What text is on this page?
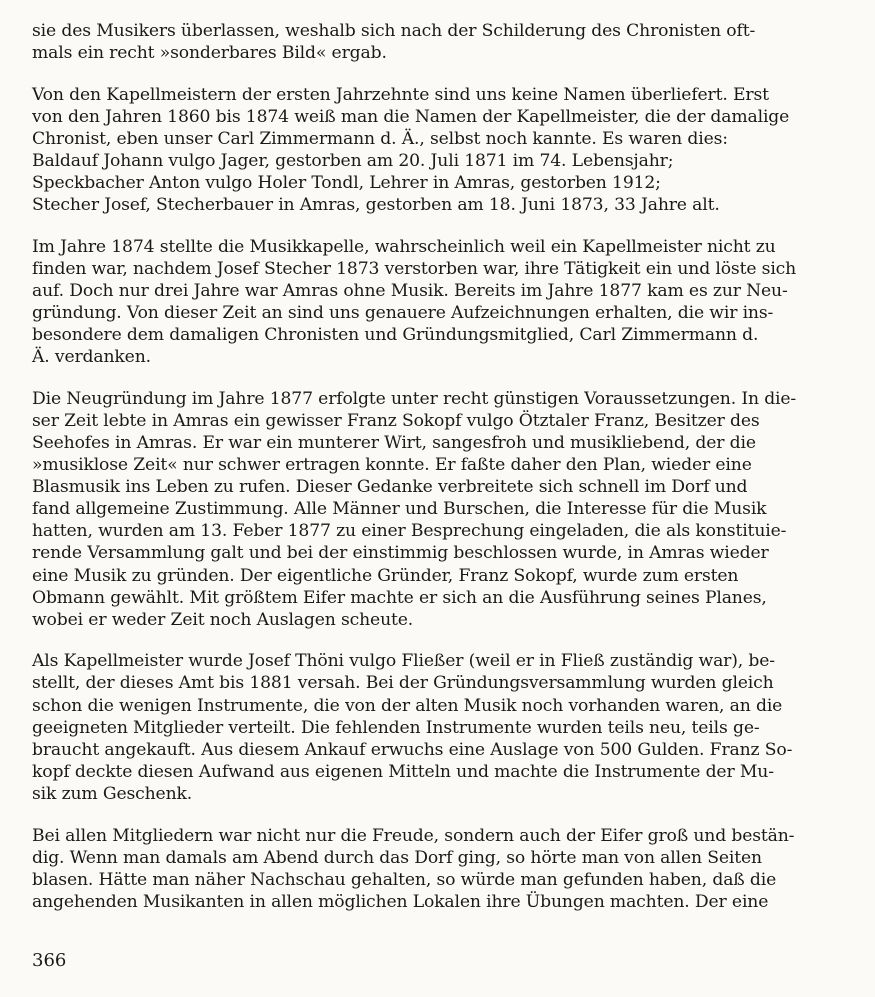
sie des Musikers überlassen, weshalb sich nach der Schilderung des Chronisten oft-
mals ein recht »sonderbares Bild« ergab.

Von den Kapellmeistern der ersten Jahrzehnte sind uns keine Namen überliefert. Erst
von den Jahren 1860 bis 1874 weiß man die Namen der Kapellmeister, die der damalige
Chronist, eben unser Carl Zimmermann d. Ä., selbst noch kannte. Es waren dies:
Baldauf Johann vulgo Jager, gestorben am 20. Juli 1871 im 74. Lebensjahr;
Speckbacher Anton vulgo Holer Tondl, Lehrer in Amras, gestorben 1912;
Stecher Josef, Stecherbauer in Amras, gestorben am 18. Juni 1873, 33 Jahre alt.

Im Jahre 1874 stellte die Musikkapelle, wahrscheinlich weil ein Kapellmeister nicht zu
finden war, nachdem Josef Stecher 1873 verstorben war, ihre Tätigkeit ein und löste sich
auf. Doch nur drei Jahre war Amras ohne Musik. Bereits im Jahre 1877 kam es zur Neu-
gründung. Von dieser Zeit an sind uns genauere Aufzeichnungen erhalten, die wir ins-
besondere dem damaligen Chronisten und Gründungsmitglied, Carl Zimmermann d.
Ä. verdanken.

Die Neugründung im Jahre 1877 erfolgte unter recht günstigen Voraussetzungen. In die-
ser Zeit lebte in Amras ein gewisser Franz Sokopf vulgo Ötztaler Franz, Besitzer des
Seehofes in Amras. Er war ein munterer Wirt, sangesfroh und musikliebend, der die
»musiklose Zeit« nur schwer ertragen konnte. Er faßte daher den Plan, wieder eine
Blasmusik ins Leben zu rufen. Dieser Gedanke verbreitete sich schnell im Dorf und
fand allgemeine Zustimmung. Alle Männer und Burschen, die Interesse für die Musik
hatten, wurden am 13. Feber 1877 zu einer Besprechung eingeladen, die als konstituie-
rende Versammlung galt und bei der einstimmig beschlossen wurde, in Amras wieder
eine Musik zu gründen. Der eigentliche Gründer, Franz Sokopf, wurde zum ersten
Obmann gewählt. Mit größtem Eifer machte er sich an die Ausführung seines Planes,
wobei er weder Zeit noch Auslagen scheute.

Als Kapellmeister wurde Josef Thöni vulgo Fließer (weil er in Fließ zuständig war), be-
stellt, der dieses Amt bis 1881 versah. Bei der Gründungsversammlung wurden gleich
schon die wenigen Instrumente, die von der alten Musik noch vorhanden waren, an die
geeigneten Mitglieder verteilt. Die fehlenden Instrumente wurden teils neu, teils ge-
braucht angekauft. Aus diesem Ankauf erwuchs eine Auslage von 500 Gulden. Franz So-
kopf deckte diesen Aufwand aus eigenen Mitteln und machte die Instrumente der Mu-
sik zum Geschenk.

Bei allen Mitgliedern war nicht nur die Freude, sondern auch der Eifer groß und bestän-
dig. Wenn man damals am Abend durch das Dorf ging, so hörte man von allen Seiten
blasen. Hätte man näher Nachschau gehalten, so würde man gefunden haben, daß die
angehenden Musikanten in allen möglichen Lokalen ihre Übungen machten. Der eine

366
